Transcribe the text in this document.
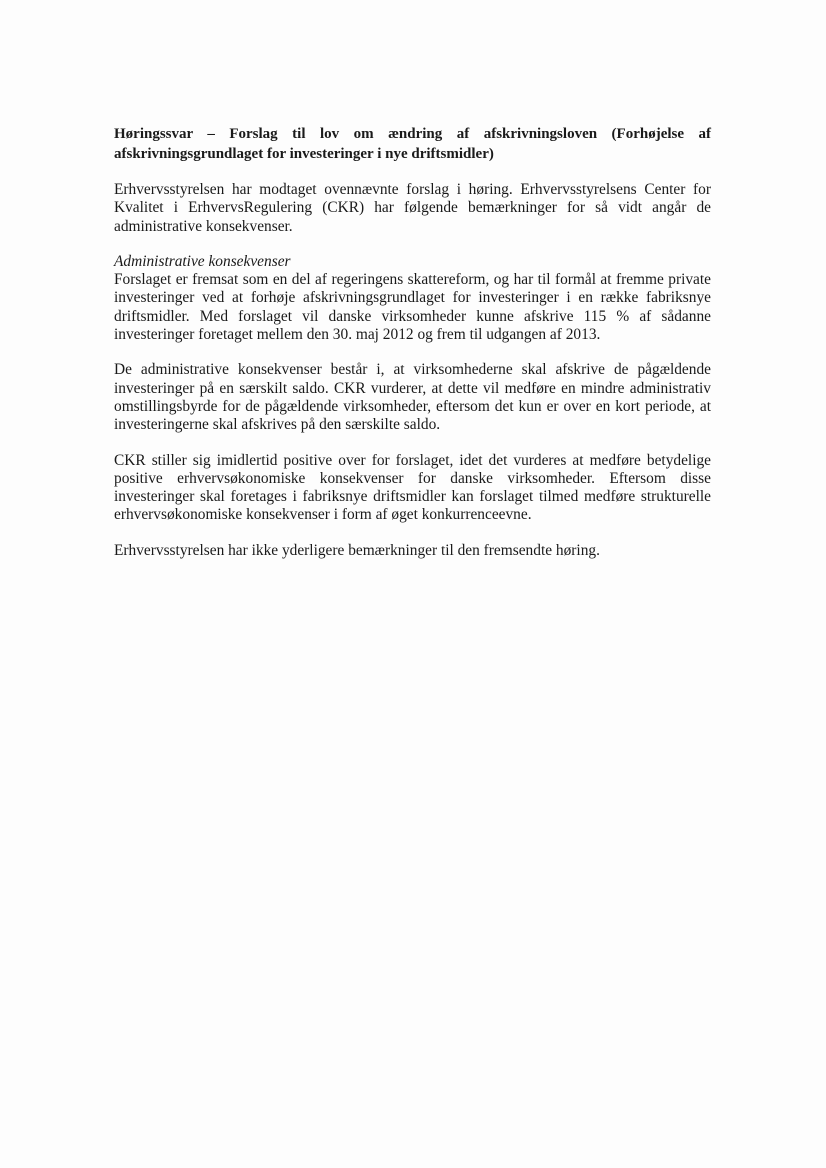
Høringssvar – Forslag til lov om ændring af afskrivningsloven (Forhøjelse af afskrivningsgrundlaget for investeringer i nye driftsmidler)
Erhvervsstyrelsen har modtaget ovennævnte forslag i høring. Erhvervsstyrelsens Center for Kvalitet i ErhvervsRegulering (CKR) har følgende bemærkninger for så vidt angår de administrative konsekvenser.
Administrative konsekvenser
Forslaget er fremsat som en del af regeringens skattereform, og har til formål at fremme private investeringer ved at forhøje afskrivningsgrundlaget for investeringer i en række fabriksnye driftsmidler. Med forslaget vil danske virksomheder kunne afskrive 115 % af sådanne investeringer foretaget mellem den 30. maj 2012 og frem til udgangen af 2013.
De administrative konsekvenser består i, at virksomhederne skal afskrive de pågældende investeringer på en særskilt saldo. CKR vurderer, at dette vil medføre en mindre administrativ omstillingsbyrde for de pågældende virksomheder, eftersom det kun er over en kort periode, at investeringerne skal afskrives på den særskilte saldo.
CKR stiller sig imidlertid positive over for forslaget, idet det vurderes at medføre betydelige positive erhvervsøkonomiske konsekvenser for danske virksomheder. Eftersom disse investeringer skal foretages i fabriksnye driftsmidler kan forslaget tilmed medføre strukturelle erhvervsøkonomiske konsekvenser i form af øget konkurrenceevne.
Erhvervsstyrelsen har ikke yderligere bemærkninger til den fremsendte høring.
